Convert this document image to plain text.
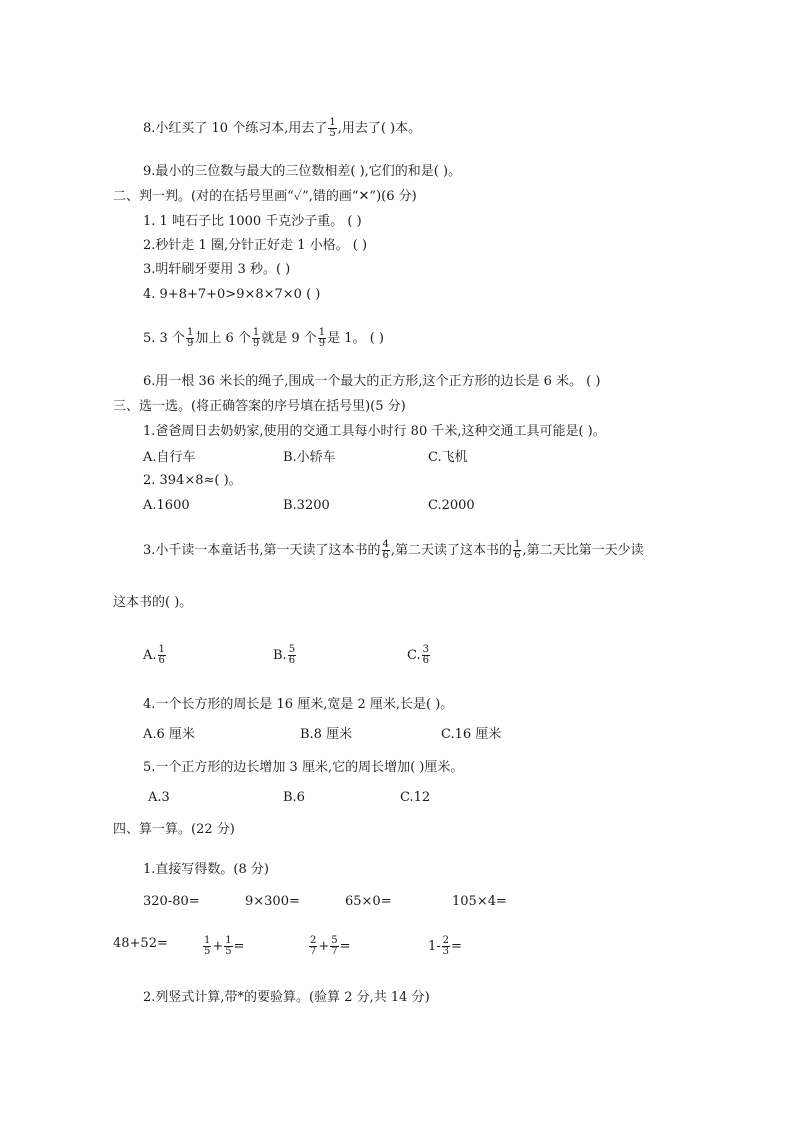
8.小红买了 10 个练习本,用去了 $\frac{1}{5}$ ,用去了( )本。
9.最小的三位数与最大的三位数相差( ),它们的和是( )。
二、判一判。(对的在括号里画“✓”,错的画“✕”)(6 分)
1. 1 吨石子比 1000 千克沙子重。 ( )
2.秒针走 1 圈,分针正好走 1 小格。 ( )
3.明轩刷牙要用 3 秒。( )
4. 9+8+7+0>9×8×7×0 ( )
5. 3 个 $\frac{1}{9}$ 加上 6 个 $\frac{1}{9}$ 就是 9 个 $\frac{1}{9}$ 是 1。 ( )
6.用一根 36 米长的绳子,围成一个最大的正方形,这个正方形的边长是 6 米。 ( )
三、选一选。(将正确答案的序号填在括号里)(5 分)
1.爸爸周日去奶奶家,使用的交通工具每小时行 80 千米,这种交通工具可能是( )。
A.自行车	B.小轿车	C.飞机
2. 394×8≈( )。
A.1600	B.3200	C.2000
3.小千读一本童话书,第一天读了这本书的 $\frac{4}{6}$ ,第二天读了这本书的 $\frac{1}{6}$ ,第二天比第一天少读
这本书的( )。
A. $\frac{1}{6}$	B. $\frac{5}{6}$	C. $\frac{3}{6}$
4.一个长方形的周长是 16 厘米,宽是 2 厘米,长是( )。
A.6 厘米	B.8 厘米	C.16 厘米
5.一个正方形的边长增加 3 厘米,它的周长增加( )厘米。
A.3	B.6	C.12
四、算一算。(22 分)
1.直接写得数。(8 分)
320-80=	9×300=	65×0=	105×4=
48+52=	$\frac{1}{5} + \frac{1}{5}$ =	$\frac{2}{7} + \frac{5}{7}$ =	$1- \frac{2}{3}$ =
2.列竖式计算,带*的要验算。(验算 2 分,共 14 分)
